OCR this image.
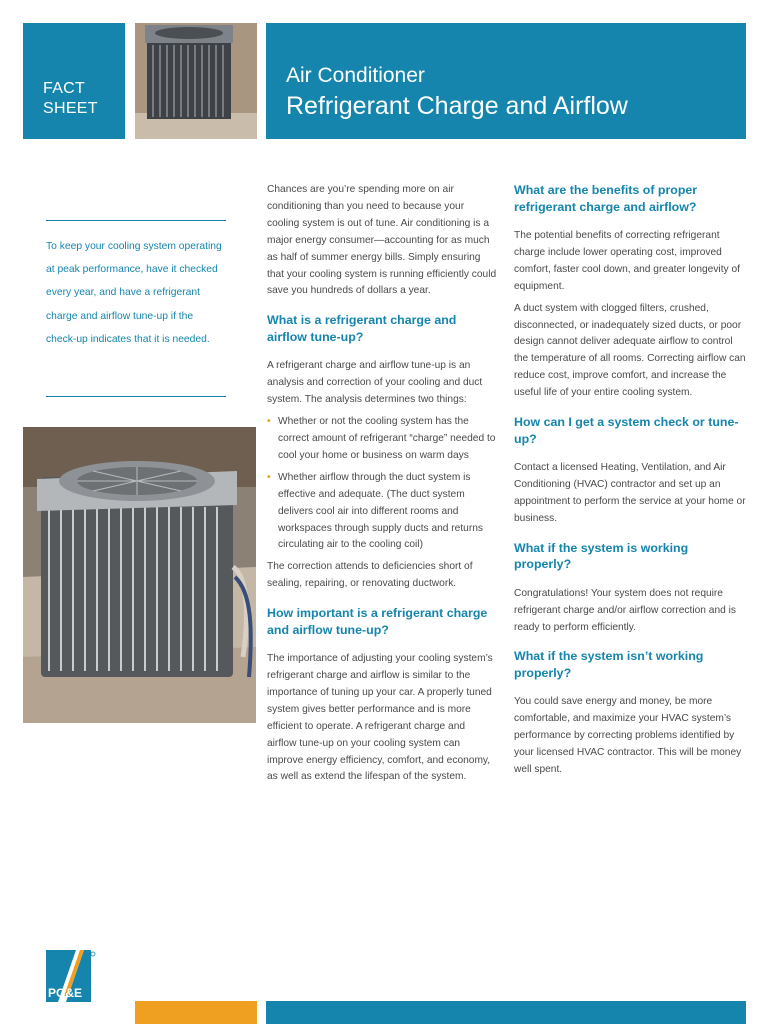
FACT
SHEET
Air Conditioner
Refrigerant Charge and Airflow
To keep your cooling system operating at peak performance, have it checked every year, and have a refrigerant charge and airflow tune-up if the check-up indicates that it is needed.

Chances are you’re spending more on air conditioning than you need to because your cooling system is out of tune. Air conditioning is a major energy consumer—accounting for as much as half of summer energy bills. Simply ensuring that your cooling system is running efficiently could save you hundreds of dollars a year.

What is a refrigerant charge and airflow tune-up?

A refrigerant charge and airflow tune-up is an analysis and correction of your cooling and duct system. The analysis determines two things:

• Whether or not the cooling system has the correct amount of refrigerant “charge” needed to cool your home or business on warm days
• Whether airflow through the duct system is effective and adequate. (The duct system delivers cool air into different rooms and workspaces through supply ducts and returns circulating air to the cooling coil)

The correction attends to deficiencies short of sealing, repairing, or renovating ductwork.

How important is a refrigerant charge and airflow tune-up?

The importance of adjusting your cooling system’s refrigerant charge and airflow is similar to the importance of tuning up your car. A properly tuned system gives better performance and is more efficient to operate. A refrigerant charge and airflow tune-up on your cooling system can improve energy efficiency, comfort, and economy, as well as extend the lifespan of the system.

What are the benefits of proper refrigerant charge and airflow?

The potential benefits of correcting refrigerant charge include lower operating cost, improved comfort, faster cool down, and greater longevity of equipment.

A duct system with clogged filters, crushed, disconnected, or inadequately sized ducts, or poor design cannot deliver adequate airflow to control the temperature of all rooms. Correcting airflow can reduce cost, improve comfort, and increase the useful life of your entire cooling system.

How can I get a system check or tune-up?

Contact a licensed Heating, Ventilation, and Air Conditioning (HVAC) contractor and set up an appointment to perform the service at your home or business.

What if the system is working properly?

Congratulations! Your system does not require refrigerant charge and/or airflow correction and is ready to perform efficiently.

What if the system isn’t working properly?

You could save energy and money, be more comfortable, and maximize your HVAC system’s performance by correcting problems identified by your licensed HVAC contractor. This will be money well spent.

PG&E
